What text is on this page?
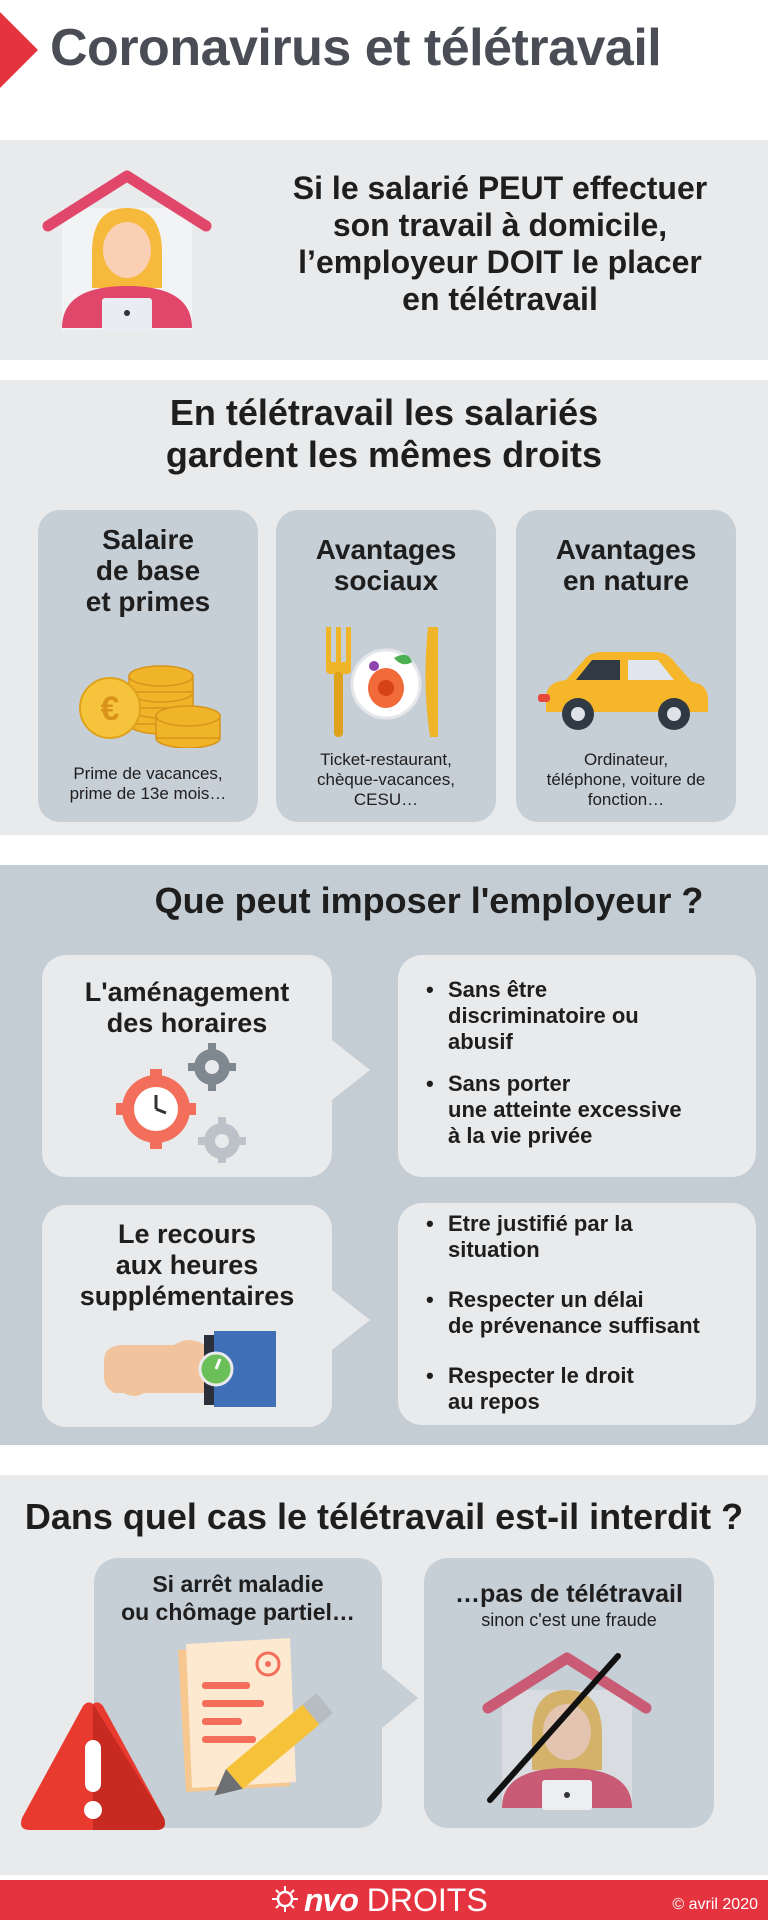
Coronavirus et télétravail
Si le salarié PEUT effectuer
son travail à domicile,
l’employeur DOIT le placer
en télétravail
En télétravail les salariés
gardent les mêmes droits
Salaire
de base
et primes
€
Prime de vacances,
prime de 13e mois…
Avantages
sociaux
Ticket-restaurant,
chèque-vacances,
CESU…
Avantages
en nature
Ordinateur,
téléphone, voiture de
fonction…
Que peut imposer l'employeur ?
L'aménagement
des horaires
• Sans être
discriminatoire ou
abusif
• Sans porter
une atteinte excessive
à la vie privée
Le recours
aux heures
supplémentaires
• Etre justifié par la
situation
• Respecter un délai
de prévenance suffisant
• Respecter le droit
au repos
Dans quel cas le télétravail est-il interdit ?
Si arrêt maladie
ou chômage partiel…
…pas de télétravail
sinon c'est une fraude
nvo DROITS	© avril 2020
